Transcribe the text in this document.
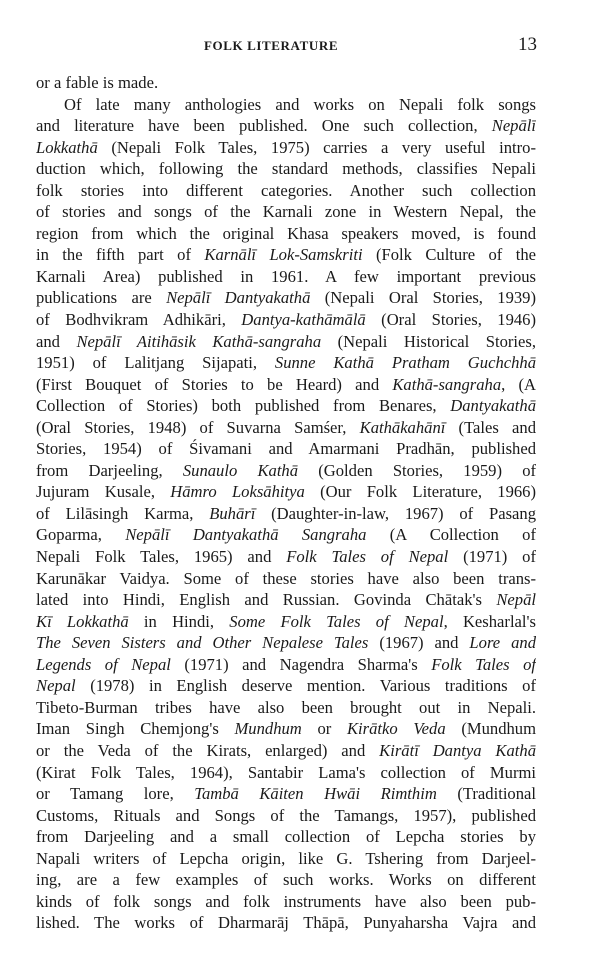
FOLK LITERATURE	13
or a fable is made.
Of late many anthologies and works on Nepali folk songs
and literature have been published. One such collection, Nepālī
Lokkathā (Nepali Folk Tales, 1975) carries a very useful intro-
duction which, following the standard methods, classifies Nepali
folk stories into different categories. Another such collection
of stories and songs of the Karnali zone in Western Nepal, the
region from which the original Khasa speakers moved, is found
in the fifth part of Karnālī Lok-Samskriti (Folk Culture of the
Karnali Area) published in 1961. A few important previous
publications are Nepālī Dantyakathā (Nepali Oral Stories, 1939)
of Bodhvikram Adhikāri, Dantya-kathāmālā (Oral Stories, 1946)
and Nepālī Aitihāsik Kathā-sangraha (Nepali Historical Stories,
1951) of Lalitjang Sijapati, Sunne Kathā Pratham Guchchhā
(First Bouquet of Stories to be Heard) and Kathā-sangraha, (A
Collection of Stories) both published from Benares, Dantyakathā
(Oral Stories, 1948) of Suvarna Samśer, Kathākahānī (Tales and
Stories, 1954) of Śivamani and Amarmani Pradhān, published
from Darjeeling, Sunaulo Kathā (Golden Stories, 1959) of
Jujuram Kusale, Hāmro Loksāhitya (Our Folk Literature, 1966)
of Lilāsingh Karma, Buhārī (Daughter-in-law, 1967) of Pasang
Goparma, Nepālī Dantyakathā Sangraha (A Collection of
Nepali Folk Tales, 1965) and Folk Tales of Nepal (1971) of
Karunākar Vaidya. Some of these stories have also been trans-
lated into Hindi, English and Russian. Govinda Chātak's Nepāl
Kī Lokkathā in Hindi, Some Folk Tales of Nepal, Kesharlal's
The Seven Sisters and Other Nepalese Tales (1967) and Lore and
Legends of Nepal (1971) and Nagendra Sharma's Folk Tales of
Nepal (1978) in English deserve mention. Various traditions of
Tibeto-Burman tribes have also been brought out in Nepali.
Iman Singh Chemjong's Mundhum or Kirātko Veda (Mundhum
or the Veda of the Kirats, enlarged) and Kirātī Dantya Kathā
(Kirat Folk Tales, 1964), Santabir Lama's collection of Murmi
or Tamang lore, Tambā Kāiten Hwāi Rimthim (Traditional
Customs, Rituals and Songs of the Tamangs, 1957), published
from Darjeeling and a small collection of Lepcha stories by
Napali writers of Lepcha origin, like G. Tshering from Darjeel-
ing, are a few examples of such works. Works on different
kinds of folk songs and folk instruments have also been pub-
lished. The works of Dharmarāj Thāpā, Punyaharsha Vajra and
